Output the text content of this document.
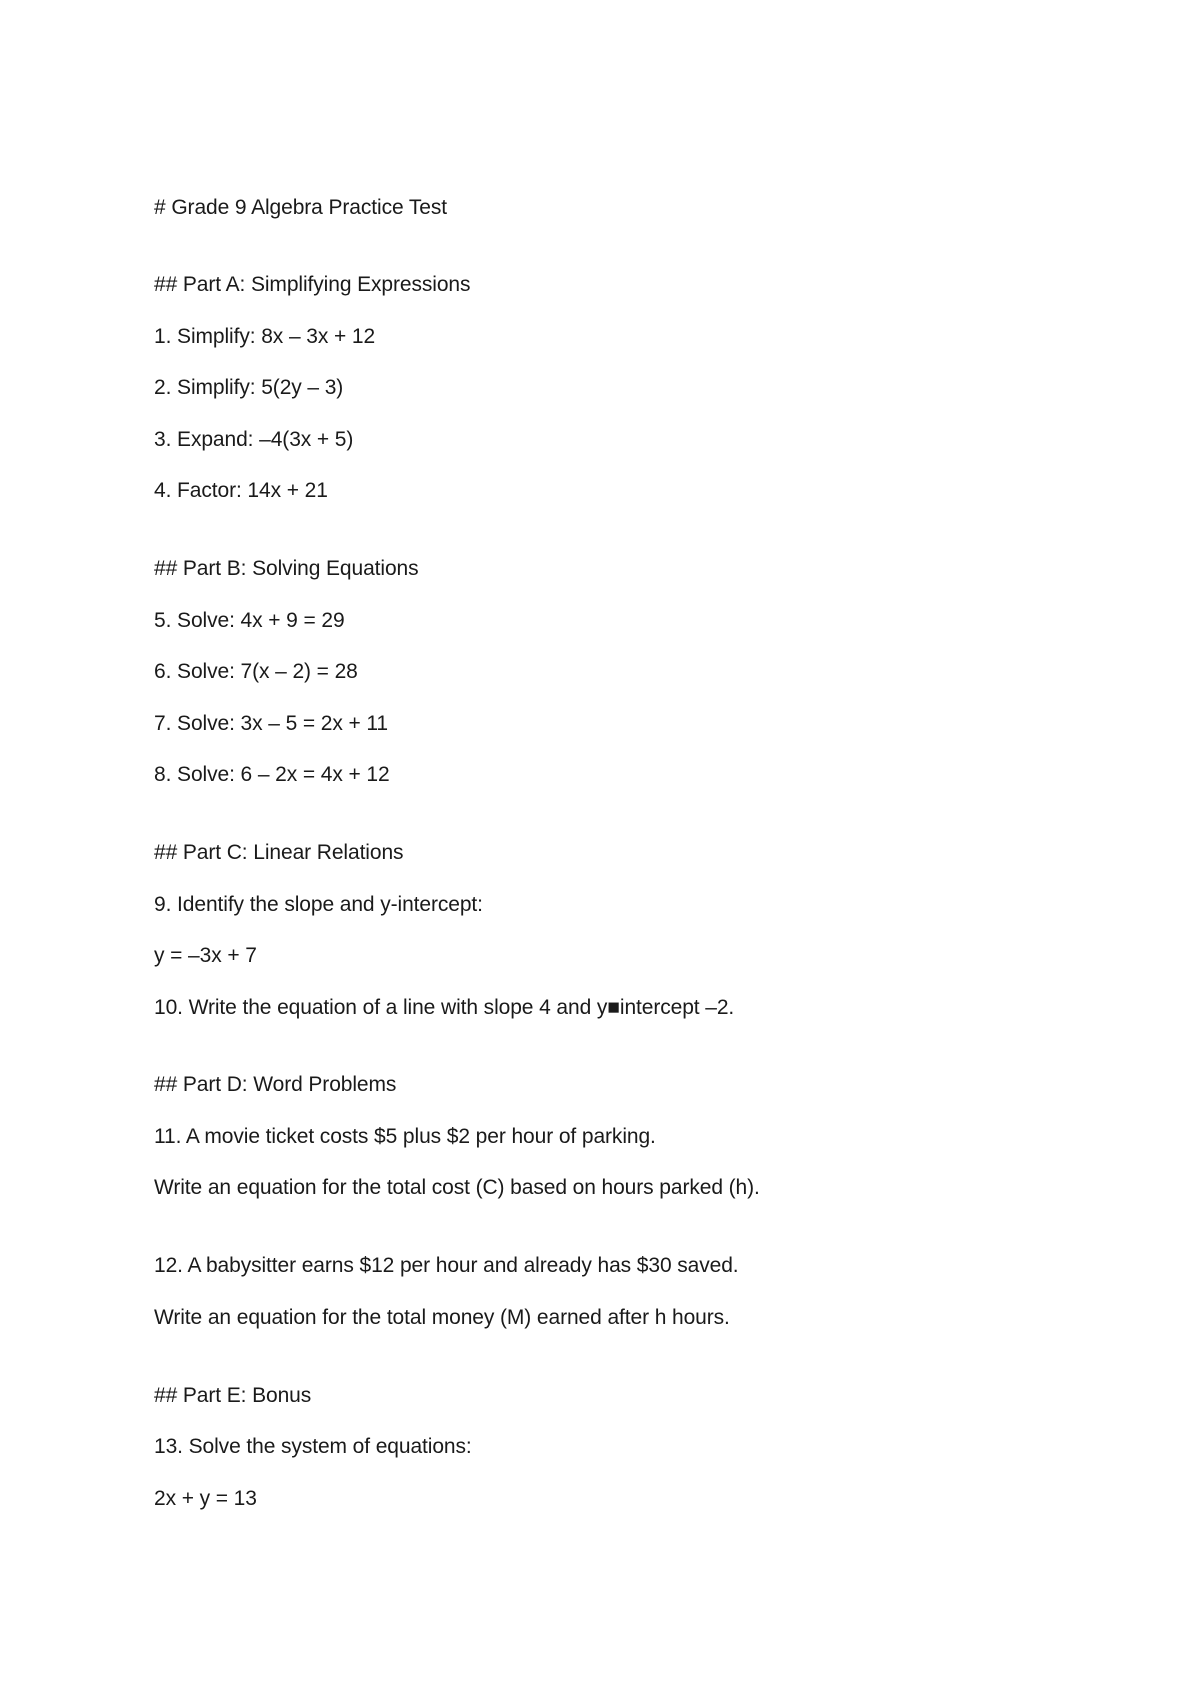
# Grade 9 Algebra Practice Test
## Part A: Simplifying Expressions
1. Simplify: 8x – 3x + 12
2. Simplify: 5(2y – 3)
3. Expand: –4(3x + 5)
4. Factor: 14x + 21
## Part B: Solving Equations
5. Solve: 4x + 9 = 29
6. Solve: 7(x – 2) = 28
7. Solve: 3x – 5 = 2x + 11
8. Solve: 6 – 2x = 4x + 12
## Part C: Linear Relations
9. Identify the slope and y-intercept:
y = –3x + 7
10. Write the equation of a line with slope 4 and y■intercept –2.
## Part D: Word Problems
11. A movie ticket costs $5 plus $2 per hour of parking.
Write an equation for the total cost (C) based on hours parked (h).
12. A babysitter earns $12 per hour and already has $30 saved.
Write an equation for the total money (M) earned after h hours.
## Part E: Bonus
13. Solve the system of equations:
2x + y = 13
